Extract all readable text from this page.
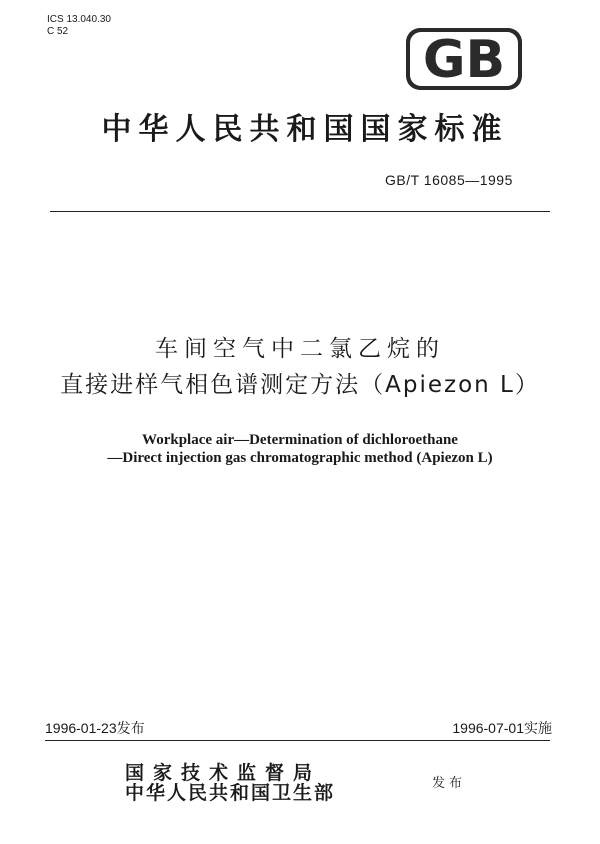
ICS 13.040.30
C 52	GB
中华人民共和国国家标准
GB/T 16085—1995
车间空气中二氯乙烷的
直接进样气相色谱测定方法（Apiezon L）
Workplace air—Determination of dichloroethane
—Direct injection gas chromatographic method (Apiezon L)
1996-01-23发布	1996-07-01实施
国家技术监督局
中华人民共和国卫生部	发布
